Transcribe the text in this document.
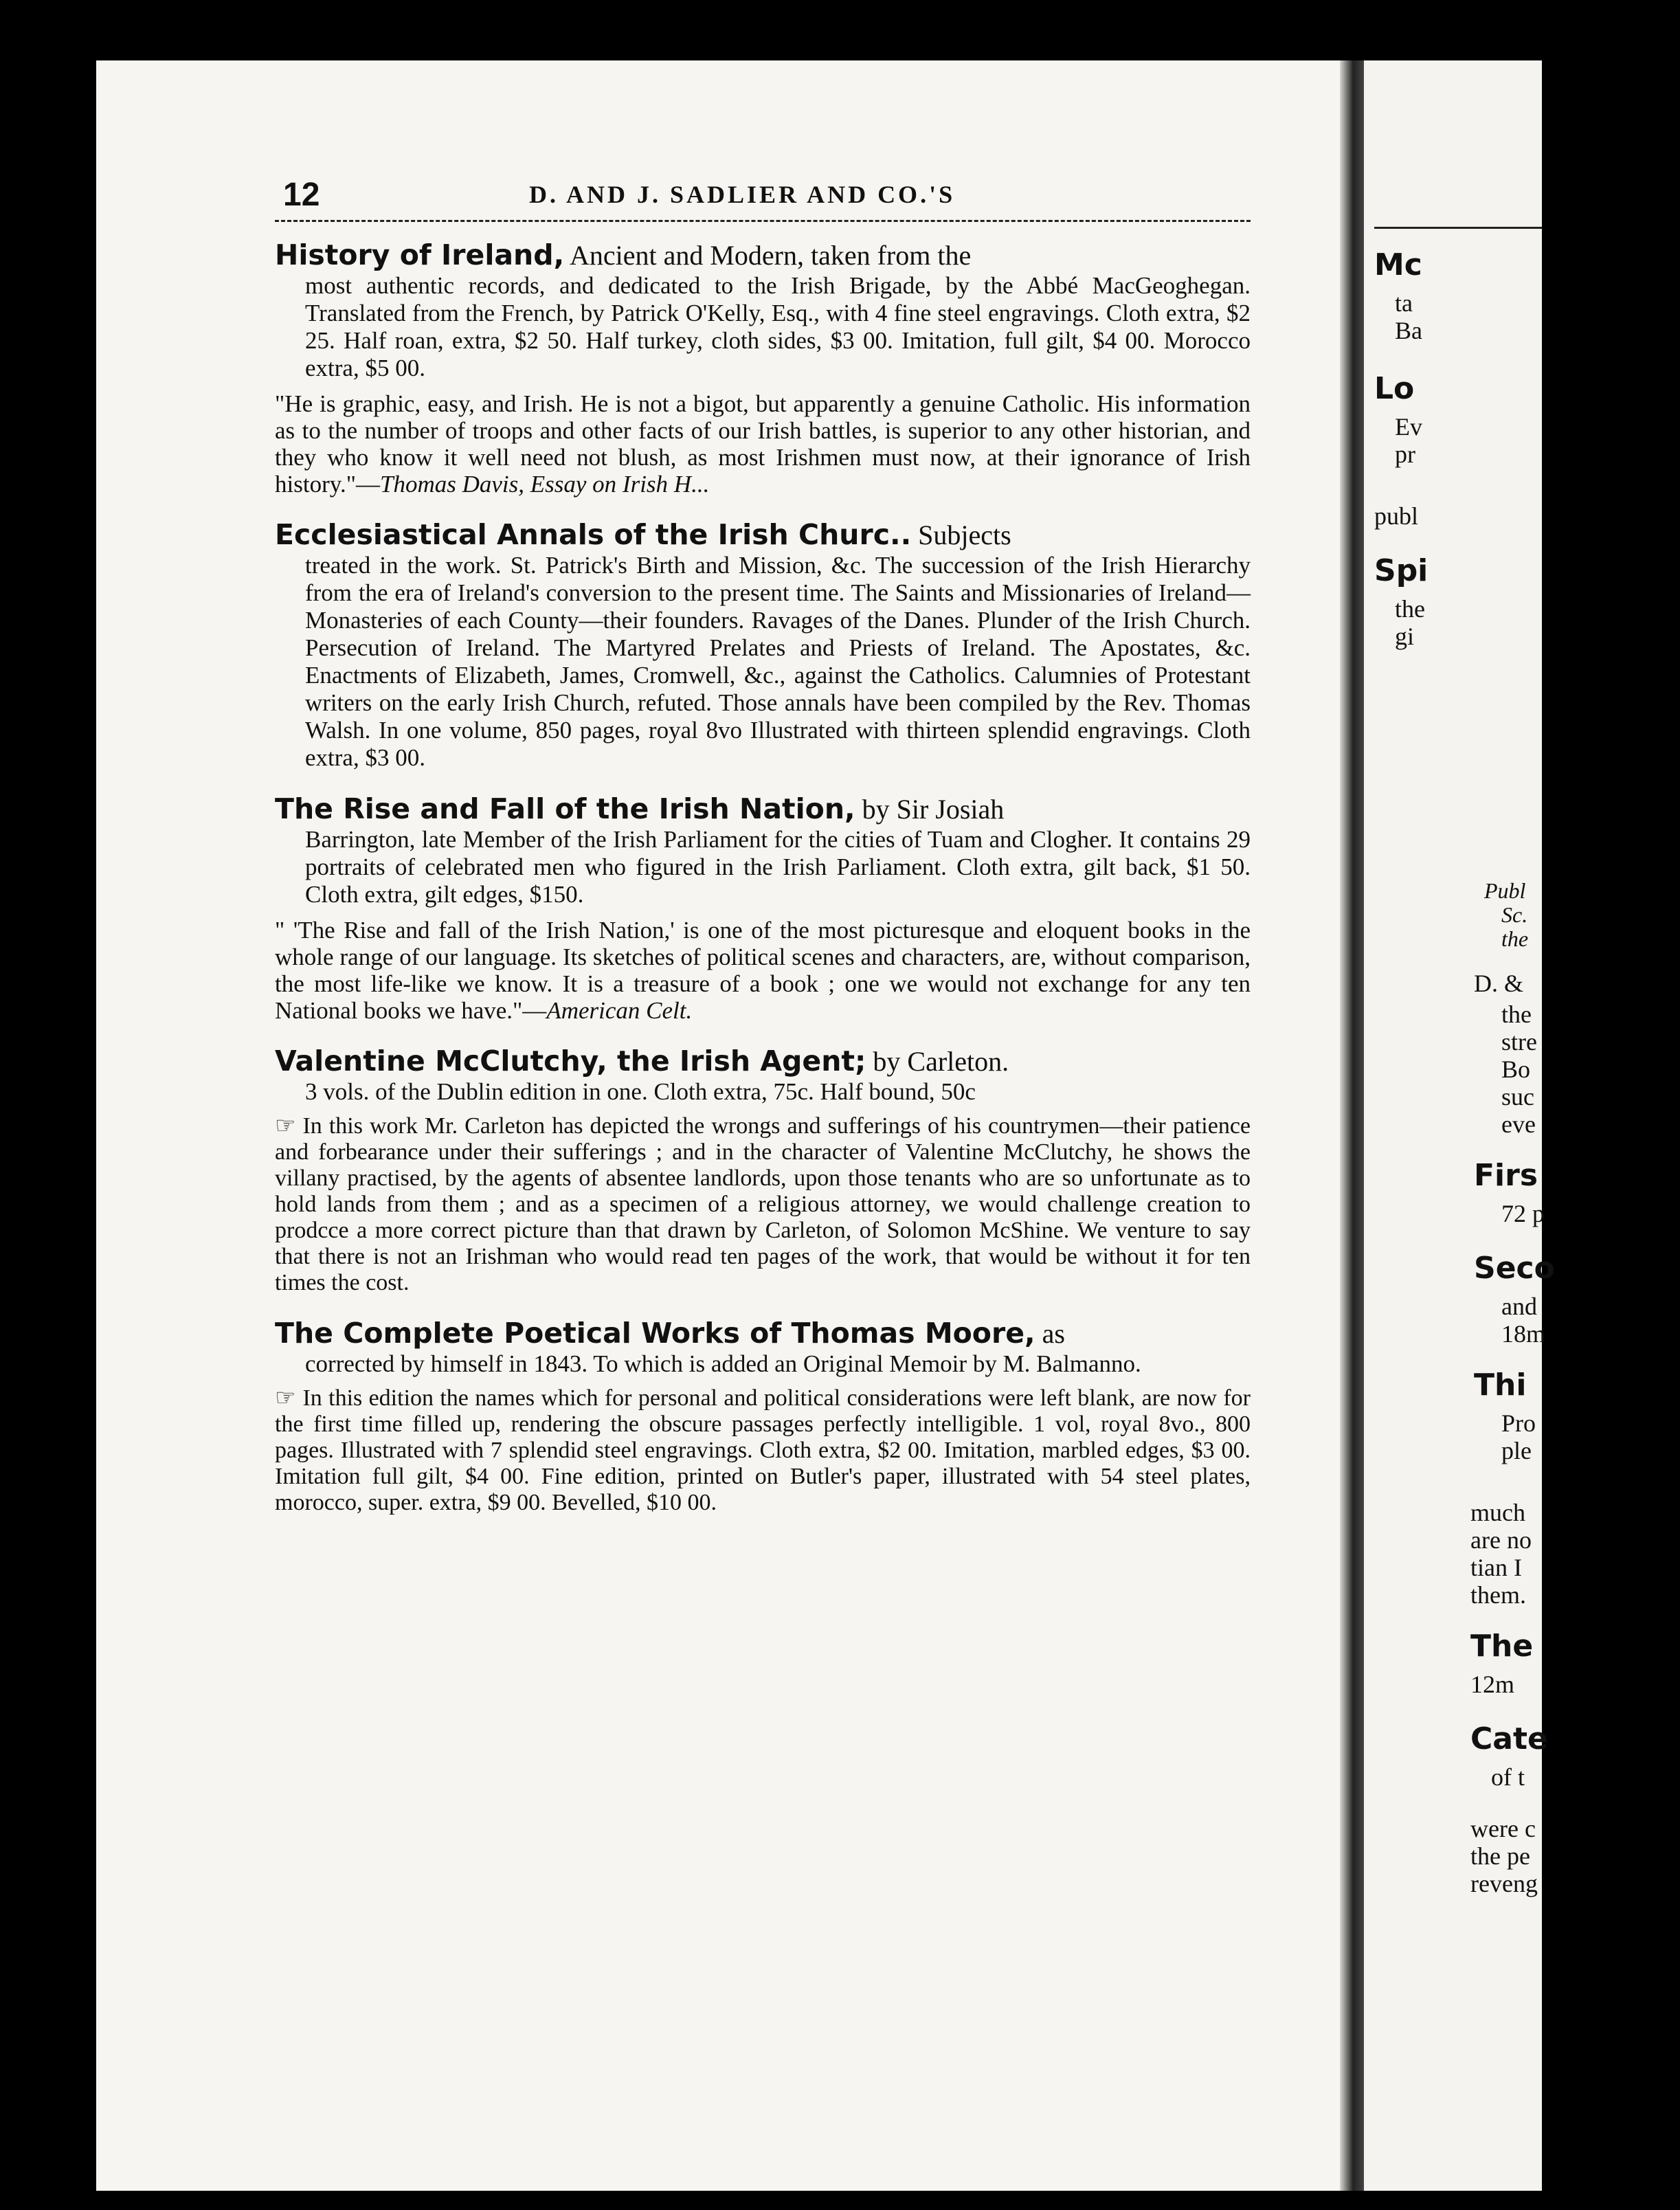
12	D. AND J. SADLIER AND CO.'S

History of Ireland, Ancient and Modern, taken from the

most authentic records, and dedicated to the Irish Brigade, by the Abbé MacGeoghegan. Translated from the French, by Patrick O'Kelly, Esq., with 4 fine steel engravings. Cloth extra, $2 25. Half roan, extra, $2 50. Half turkey, cloth sides, $3 00. Imitation, full gilt, $4 00. Morocco extra, $5 00.

"He is graphic, easy, and Irish. He is not a bigot, but apparently a genuine Catholic. His information as to the number of troops and other facts of our Irish battles, is superior to any other historian, and they who know it well need not blush, as most Irishmen must now, at their ignorance of Irish history."—Thomas Davis, Essay on Irish H...

Ecclesiastical Annals of the Irish Churc.. Subjects

treated in the work. St. Patrick's Birth and Mission, &c. The succession of the Irish Hierarchy from the era of Ireland's conversion to the present time. The Saints and Missionaries of Ireland—Monasteries of each County—their founders. Ravages of the Danes. Plunder of the Irish Church. Persecution of Ireland. The Martyred Prelates and Priests of Ireland. The Apostates, &c. Enactments of Elizabeth, James, Cromwell, &c., against the Catholics. Calumnies of Protestant writers on the early Irish Church, refuted. Those annals have been compiled by the Rev. Thomas Walsh. In one volume, 850 pages, royal 8vo Illustrated with thirteen splendid engravings. Cloth extra, $3 00.

The Rise and Fall of the Irish Nation, by Sir Josiah

Barrington, late Member of the Irish Parliament for the cities of Tuam and Clogher. It contains 29 portraits of celebrated men who figured in the Irish Parliament. Cloth extra, gilt back, $1 50. Cloth extra, gilt edges, $150.

" 'The Rise and fall of the Irish Nation,' is one of the most picturesque and eloquent books in the whole range of our language. Its sketches of political scenes and characters, are, without comparison, the most life-like we know. It is a treasure of a book ; one we would not exchange for any ten National books we have."—American Celt.

Valentine McClutchy, the Irish Agent; by Carleton.

3 vols. of the Dublin edition in one. Cloth extra, 75c. Half bound, 50c

☞ In this work Mr. Carleton has depicted the wrongs and sufferings of his countrymen—their patience and forbearance under their sufferings ; and in the character of Valentine McClutchy, he shows the villany practised, by the agents of absentee landlords, upon those tenants who are so unfortunate as to hold lands from them ; and as a specimen of a religious attorney, we would challenge creation to prodcce a more correct picture than that drawn by Carleton, of Solomon McShine. We venture to say that there is not an Irishman who would read ten pages of the work, that would be without it for ten times the cost.

The Complete Poetical Works of Thomas Moore, as

corrected by himself in 1843. To which is added an Original Memoir by M. Balmanno.

☞ In this edition the names which for personal and political considerations were left blank, are now for the first time filled up, rendering the obscure passages perfectly intelligible. 1 vol, royal 8vo., 800 pages. Illustrated with 7 splendid steel engravings. Cloth extra, $2 00. Imitation, marbled edges, $3 00. Imitation full gilt, $4 00. Fine edition, printed on Butler's paper, illustrated with 54 steel plates, morocco, super. extra, $9 00. Bevelled, $10 00.

Mc
ta
Ba
Lo
Ev
pr
publ
Spi
the
gi
Publ
Sc.
the
D. &
the
stre
Bo
suc
eve
Firs
72 p
Seco
and
18m
Thi
Pro
ple
much
are no
tian I
them.
The
12m
Cate
of t
were c
the pe
reveng
